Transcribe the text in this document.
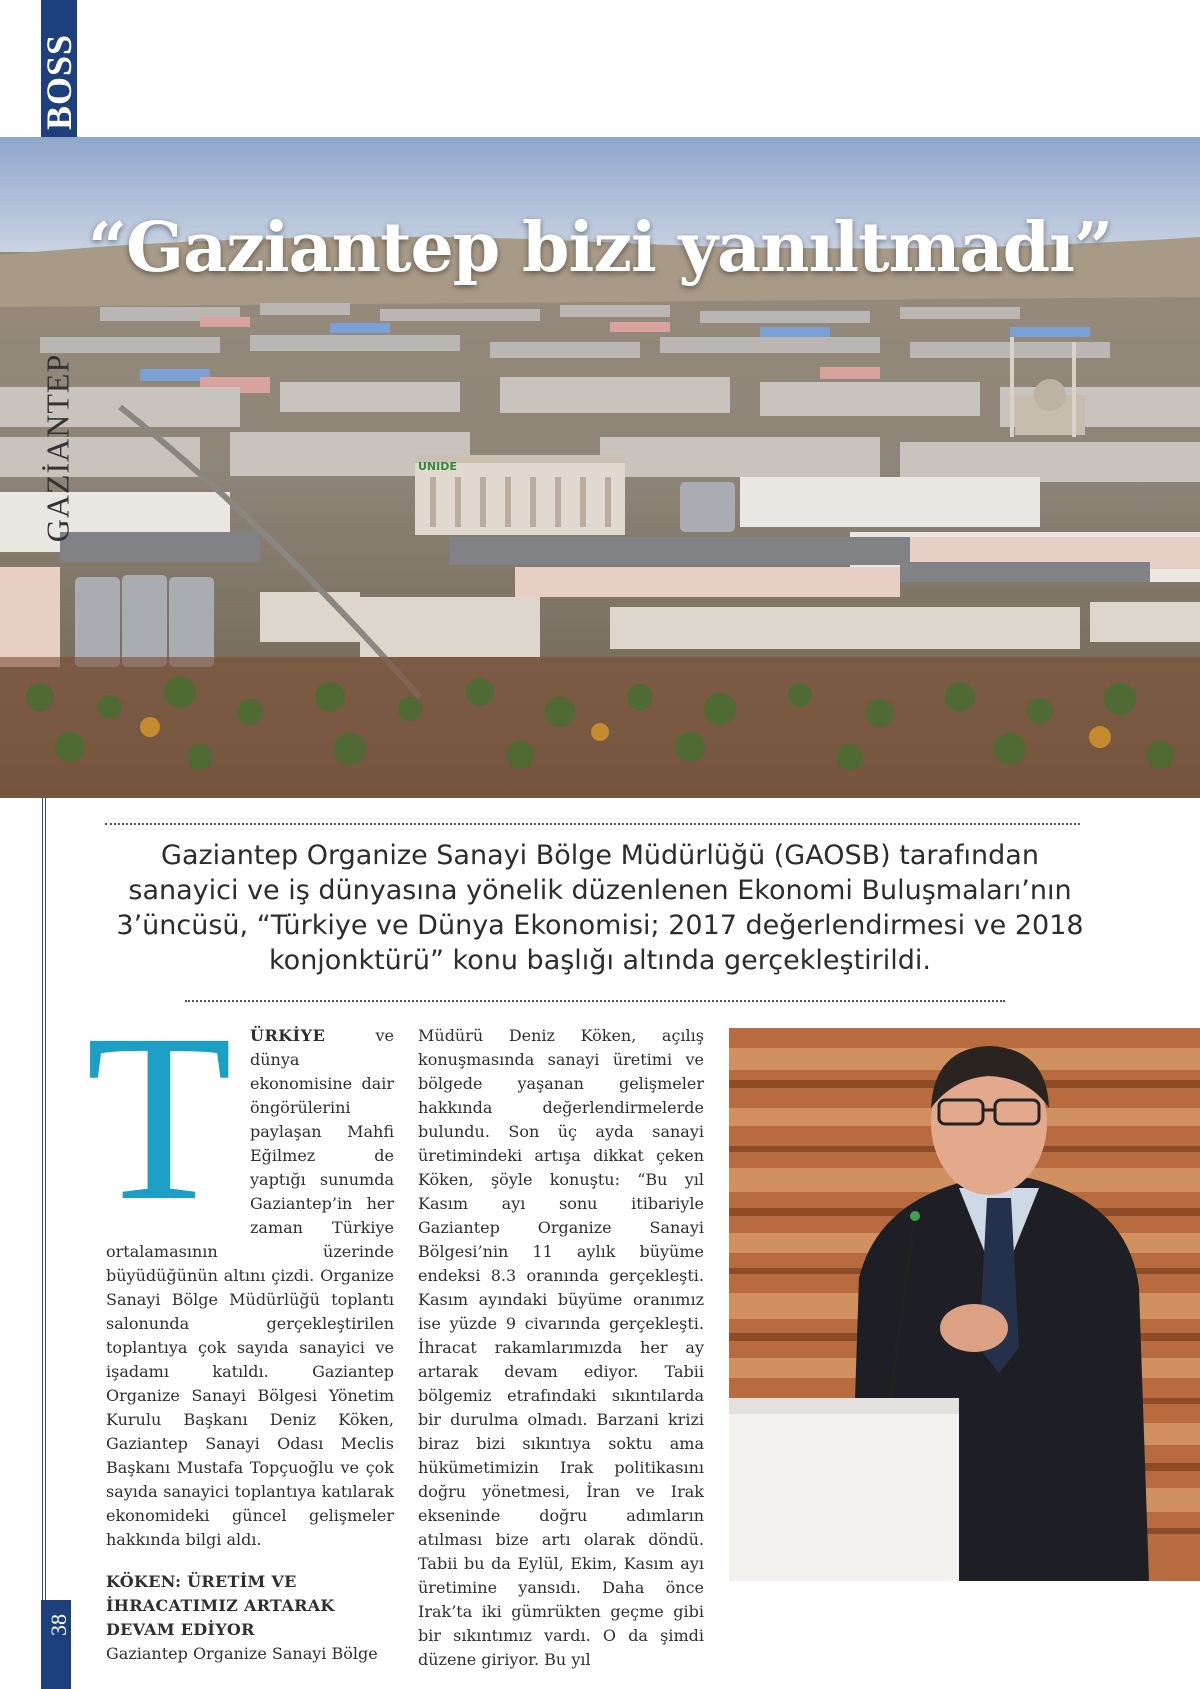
BOSS
38
UNIDE
“Gaziantep bizi yanıltmadı”
GAZİANTEP
Gaziantep Organize Sanayi Bölge Müdürlüğü (GAOSB) tarafından sanayici ve iş dünyasına yönelik düzenlenen Ekonomi Buluşmaları’nın 3’üncüsü, “Türkiye ve Dünya Ekonomisi; 2017 değerlendirmesi ve 2018 konjonktürü” konu başlığı altında gerçekleştirildi.
T	ÜRKİYE ve dünya ekonomisine dair öngörülerini paylaşan Mahfi Eğilmez de yaptığı sunumda Gaziantep’in her zaman Türkiye ortalamasının üzerinde büyüdüğünün altını çizdi. Organize Sanayi Bölge Müdürlüğü toplantı salonunda gerçekleştirilen toplantıya çok sayıda sanayici ve işadamı katıldı. Gaziantep Organize Sanayi Bölgesi Yönetim Kurulu Başkanı Deniz Köken, Gaziantep Sanayi Odası Meclis Başkanı Mustafa Topçuoğlu ve çok sayıda sanayici toplantıya katılarak ekonomideki güncel gelişmeler hakkında bilgi aldı.

KÖKEN: ÜRETİM VE İHRACATIMIZ ARTARAK DEVAM EDİYOR

Gaziantep Organize Sanayi Bölge

Müdürü Deniz Köken, açılış konuşmasında sanayi üretimi ve bölgede yaşanan gelişmeler hakkında değerlendirmelerde bulundu. Son üç ayda sanayi üretimindeki artışa dikkat çeken Köken, şöyle konuştu: “Bu yıl Kasım ayı sonu itibariyle Gaziantep Organize Sanayi Bölgesi’nin 11 aylık büyüme endeksi 8.3 oranında gerçekleşti. Kasım ayındaki büyüme oranımız ise yüzde 9 civarında gerçekleşti. İhracat rakamlarımızda her ay artarak devam ediyor. Tabii bölgemiz etrafındaki sıkıntılarda bir durulma olmadı. Barzani krizi biraz bizi sıkıntıya soktu ama hükümetimizin Irak politikasını doğru yönetmesi, İran ve Irak ekseninde doğru adımların atılması bize artı olarak döndü. Tabii bu da Eylül, Ekim, Kasım ayı üretimine yansıdı. Daha önce Irak’ta iki gümrükten geçme gibi bir sıkıntımız vardı. O da şimdi düzene giriyor. Bu yıl
